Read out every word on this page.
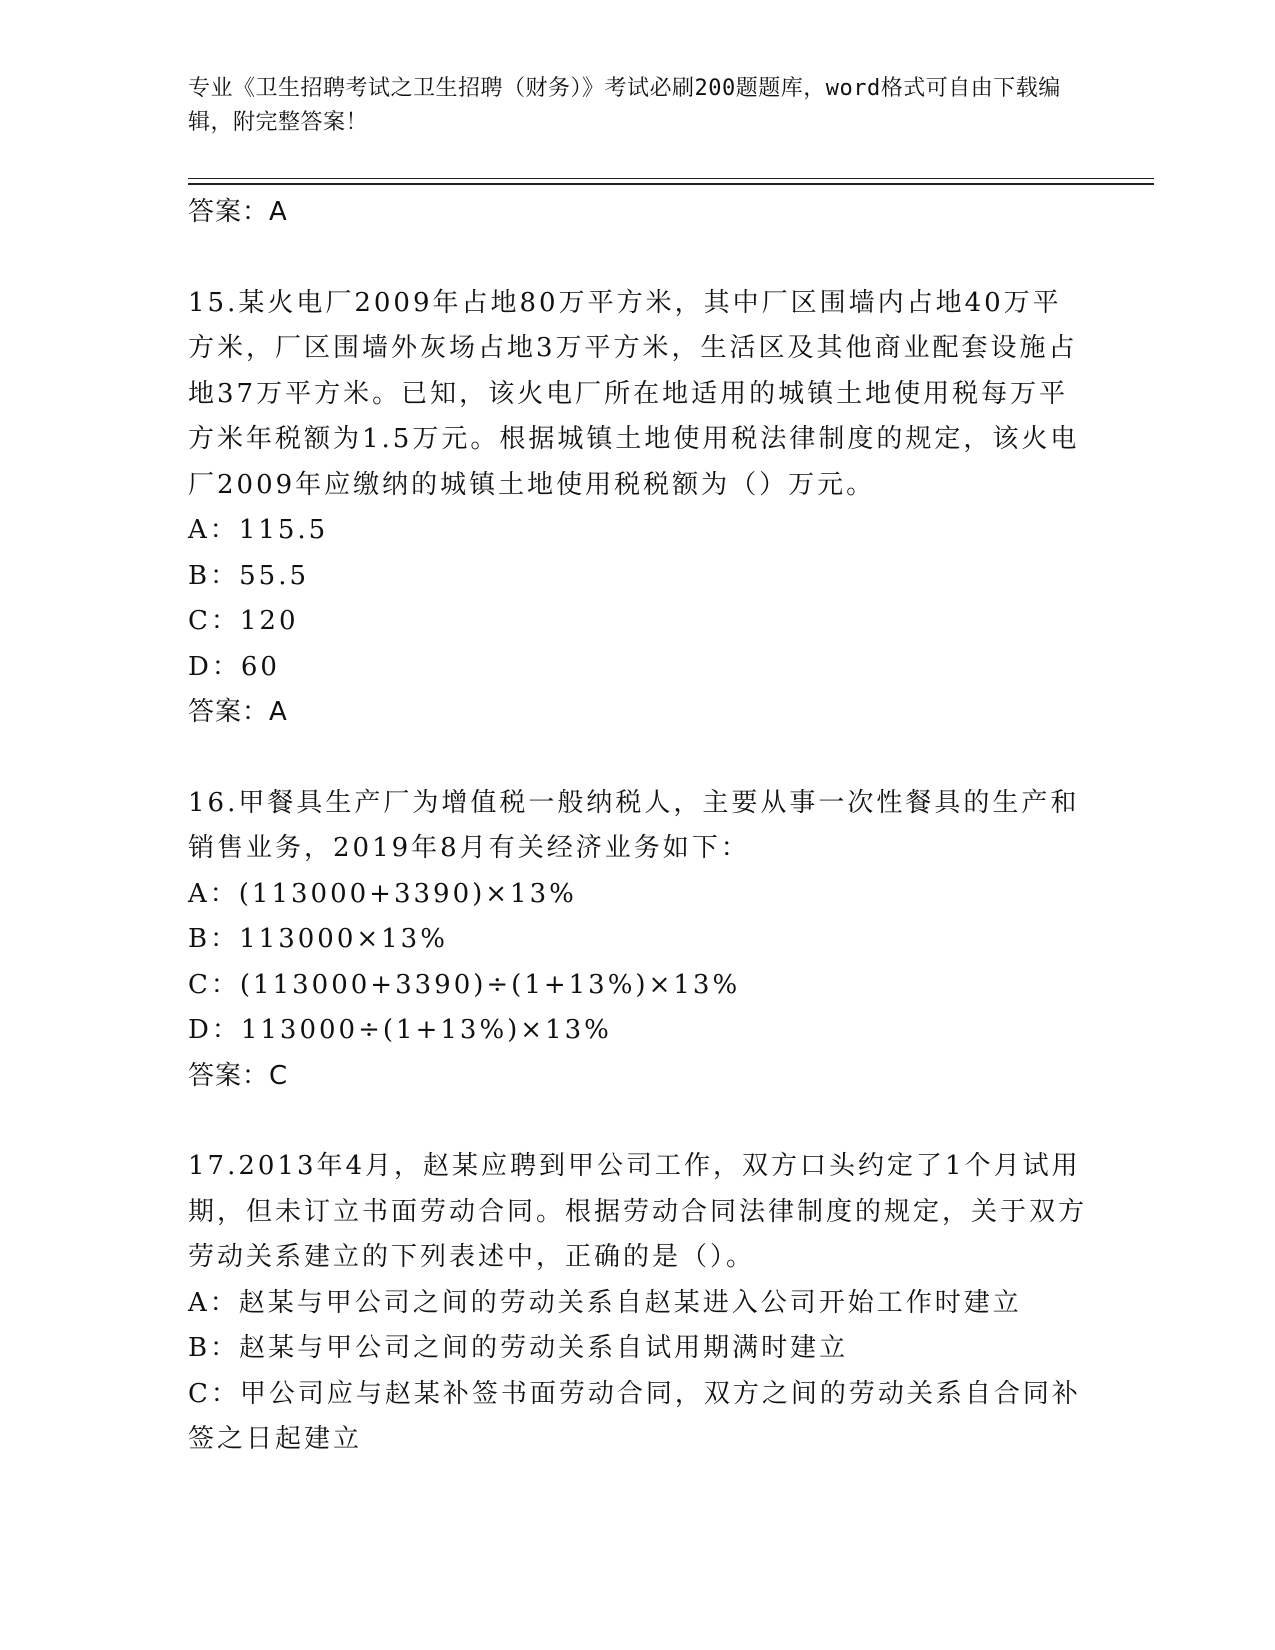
专业《卫生招聘考试之卫生招聘（财务）》考试必刷200题题库，word格式可自由下载编辑，附完整答案！

答案：A

15.某火电厂2009年占地80万平方米，其中厂区围墙内占地40万平方米，厂区围墙外灰场占地3万平方米，生活区及其他商业配套设施占地37万平方米。已知，该火电厂所在地适用的城镇土地使用税每万平方米年税额为1.5万元。根据城镇土地使用税法律制度的规定，该火电厂2009年应缴纳的城镇土地使用税税额为（）万元。

A：115.5

B：55.5

C：120

D：60

答案：A

16.甲餐具生产厂为增值税一般纳税人，主要从事一次性餐具的生产和销售业务，2019年8月有关经济业务如下：

A：(113000+3390)×13%

B：113000×13%

C：(113000+3390)÷(1+13%)×13%

D：113000÷(1+13%)×13%

答案：C

17.2013年4月，赵某应聘到甲公司工作，双方口头约定了1个月试用期，但未订立书面劳动合同。根据劳动合同法律制度的规定，关于双方劳动关系建立的下列表述中，正确的是（）。

A：赵某与甲公司之间的劳动关系自赵某进入公司开始工作时建立

B：赵某与甲公司之间的劳动关系自试用期满时建立

C：甲公司应与赵某补签书面劳动合同，双方之间的劳动关系自合同补签之日起建立
